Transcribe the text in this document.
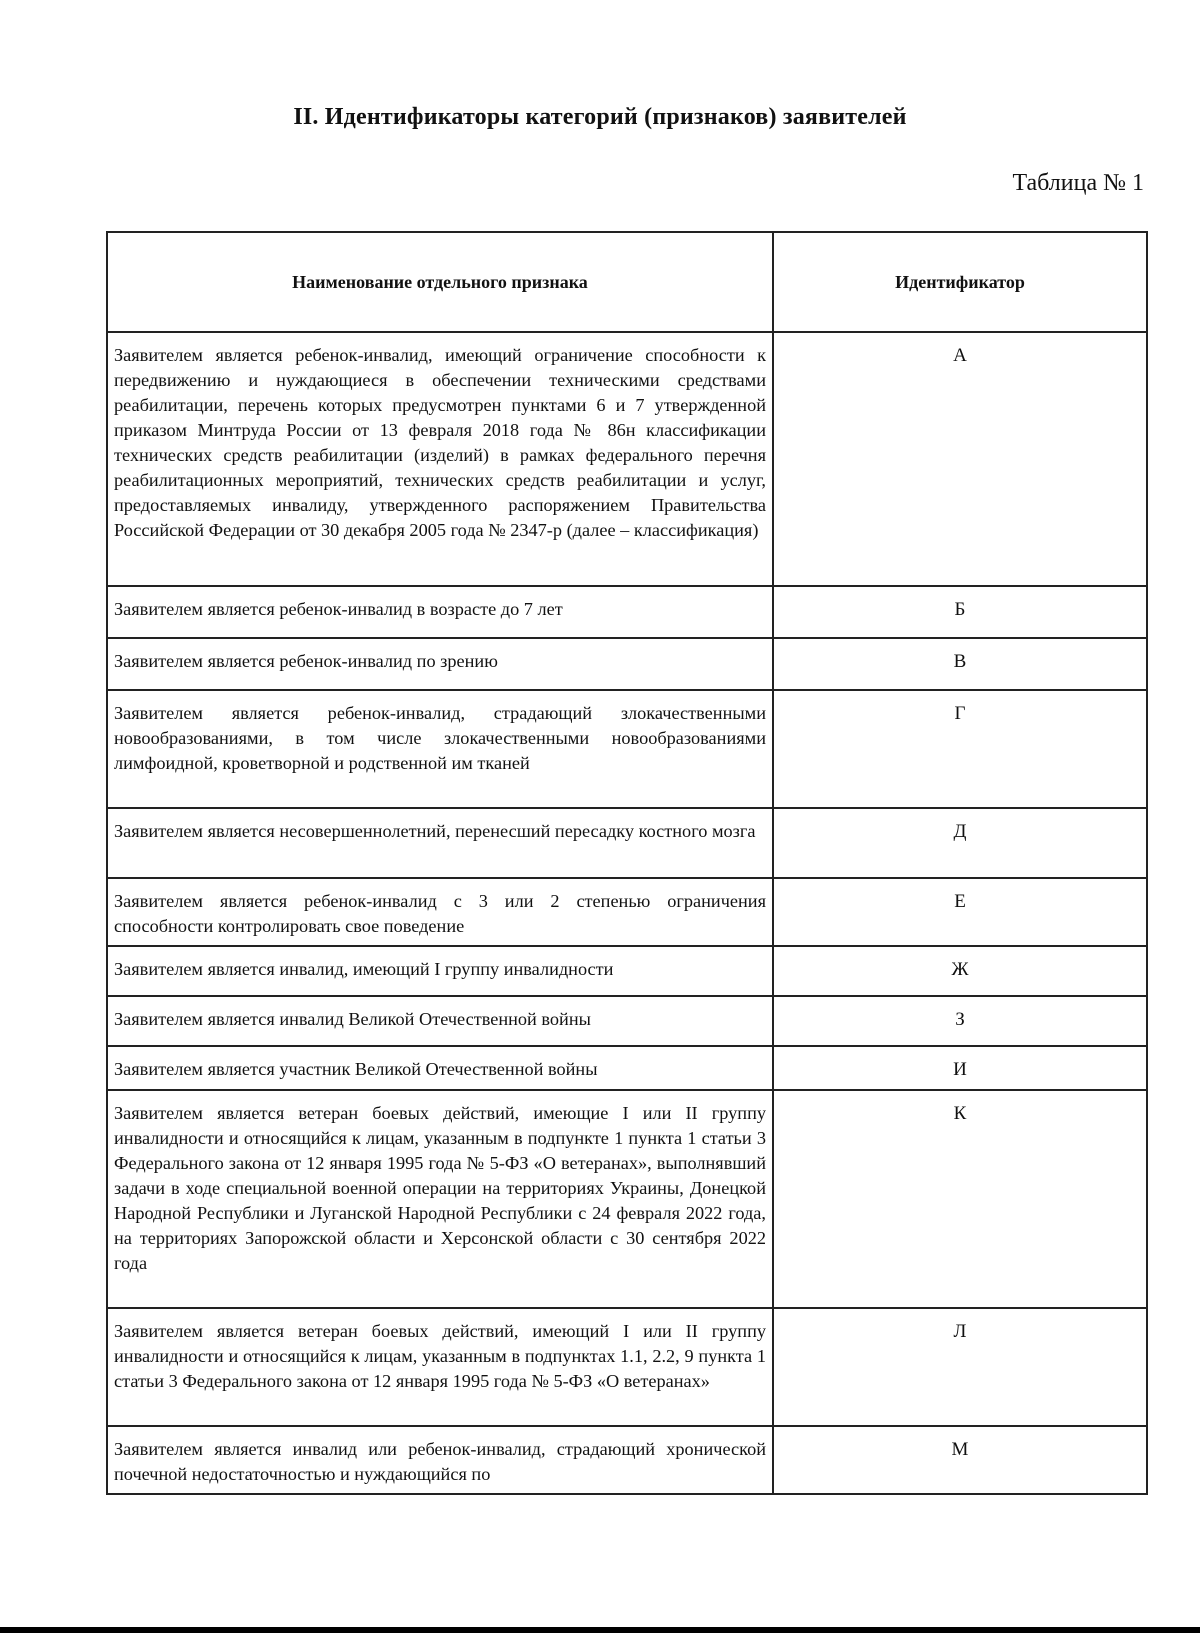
II. Идентификаторы категорий (признаков) заявителей
Таблица № 1
Наименование отдельного признака	Идентификатор
Заявителем является ребенок-инвалид, имеющий ограничение способности к передвижению и нуждающиеся в обеспечении техническими средствами реабилитации, перечень которых предусмотрен пунктами 6 и 7 утвержденной приказом Минтруда России от 13 февраля 2018 года № 86н классификации технических средств реабилитации (изделий) в рамках федерального перечня реабилитационных мероприятий, технических средств реабилитации и услуг, предоставляемых инвалиду, утвержденного распоряжением Правительства Российской Федерации от 30 декабря 2005 года № 2347-р (далее – классификация)	А
Заявителем является ребенок-инвалид в возрасте до 7 лет	Б
Заявителем является ребенок-инвалид по зрению	В
Заявителем является ребенок-инвалид, страдающий злокачественными новообразованиями, в том числе злокачественными новообразованиями лимфоидной, кроветворной и родственной им тканей	Г
Заявителем является несовершеннолетний, перенесший пересадку костного мозга	Д
Заявителем является ребенок-инвалид с 3 или 2 степенью ограничения способности контролировать свое поведение	Е
Заявителем является инвалид, имеющий I группу инвалидности	Ж
Заявителем является инвалид Великой Отечественной войны	З
Заявителем является участник Великой Отечественной войны	И
Заявителем является ветеран боевых действий, имеющие I или II группу инвалидности и относящийся к лицам, указанным в подпункте 1 пункта 1 статьи 3 Федерального закона от 12 января 1995 года № 5-ФЗ «О ветеранах», выполнявший задачи в ходе специальной военной операции на территориях Украины, Донецкой Народной Республики и Луганской Народной Республики с 24 февраля 2022 года, на территориях Запорожской области и Херсонской области с 30 сентября 2022 года	К
Заявителем является ветеран боевых действий, имеющий I или II группу инвалидности и относящийся к лицам, указанным в подпунктах 1.1, 2.2, 9 пункта 1 статьи 3 Федерального закона от 12 января 1995 года № 5-ФЗ «О ветеранах»	Л
Заявителем является инвалид или ребенок-инвалид, страдающий хронической почечной недостаточностью и нуждающийся по	М
